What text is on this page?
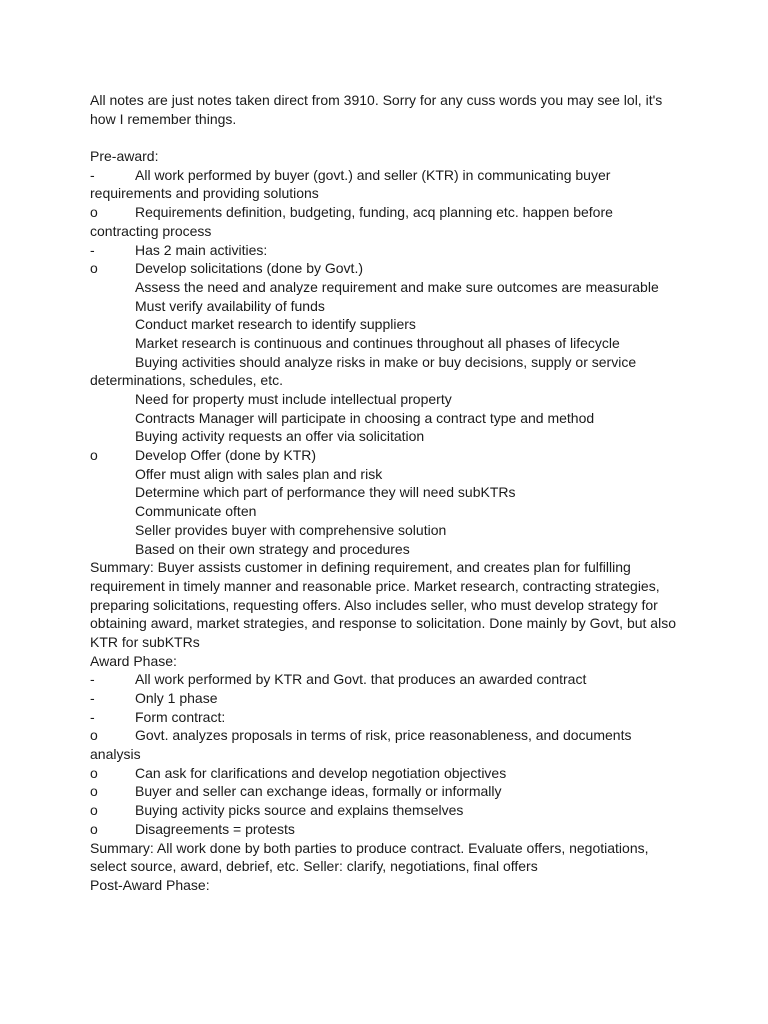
All notes are just notes taken direct from 3910. Sorry for any cuss words you may see lol, it's
how I remember things.
Pre-award:
-	All work performed by buyer (govt.) and seller (KTR) in communicating buyer
requirements and providing solutions
o	Requirements definition, budgeting, funding, acq planning etc. happen before
contracting process
-	Has 2 main activities:
o	Develop solicitations (done by Govt.)
Assess the need and analyze requirement and make sure outcomes are measurable
Must verify availability of funds
Conduct market research to identify suppliers
Market research is continuous and continues throughout all phases of lifecycle
Buying activities should analyze risks in make or buy decisions, supply or service
determinations, schedules, etc.
Need for property must include intellectual property
Contracts Manager will participate in choosing a contract type and method
Buying activity requests an offer via solicitation
o	Develop Offer (done by KTR)
Offer must align with sales plan and risk
Determine which part of performance they will need subKTRs
Communicate often
Seller provides buyer with comprehensive solution
Based on their own strategy and procedures
Summary: Buyer assists customer in defining requirement, and creates plan for fulfilling
requirement in timely manner and reasonable price. Market research, contracting strategies,
preparing solicitations, requesting offers. Also includes seller, who must develop strategy for
obtaining award, market strategies, and response to solicitation. Done mainly by Govt, but also
KTR for subKTRs
Award Phase:
-	All work performed by KTR and Govt. that produces an awarded contract
-	Only 1 phase
-	Form contract:
o	Govt. analyzes proposals in terms of risk, price reasonableness, and documents
analysis
o	Can ask for clarifications and develop negotiation objectives
o	Buyer and seller can exchange ideas, formally or informally
o	Buying activity picks source and explains themselves
o	Disagreements = protests
Summary: All work done by both parties to produce contract. Evaluate offers, negotiations,
select source, award, debrief, etc. Seller: clarify, negotiations, final offers
Post-Award Phase:
